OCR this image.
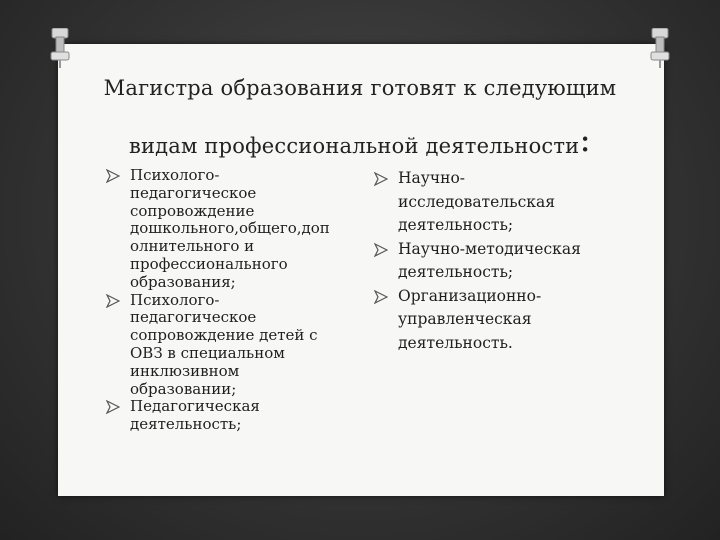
Магистра образования готовят к следующим
видам профессиональной деятельности:
Психолого-
педагогическое
сопровождение
дошкольного,общего,доп
олнительного и
профессионального
образования;
Психолого-
педагогическое
сопровождение детей с
ОВЗ в специальном
инклюзивном
образовании;
Педагогическая
деятельность;
Научно-
исследовательская
деятельность;
Научно-методическая
деятельность;
Организационно-
управленческая
деятельность.
